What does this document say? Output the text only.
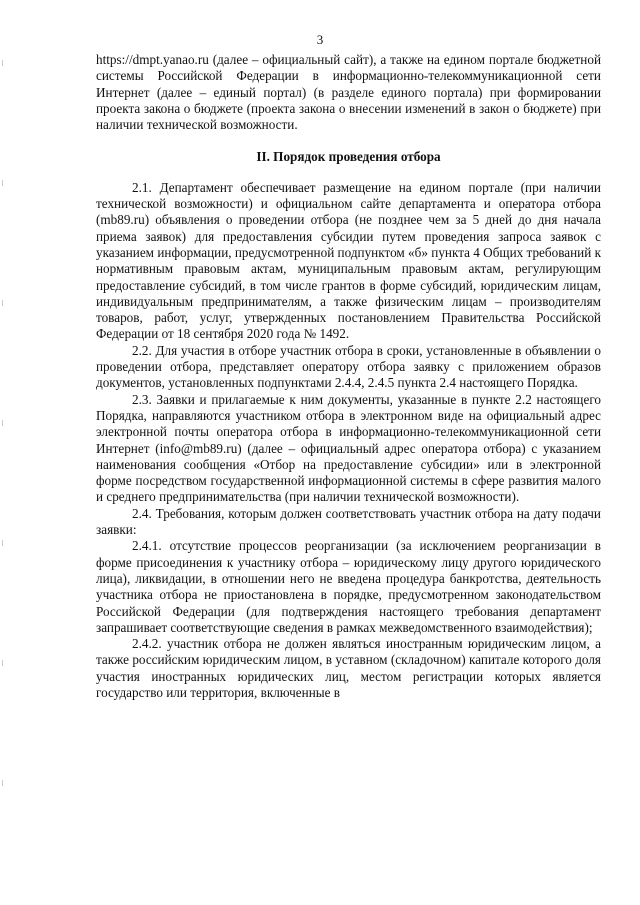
3

https://dmpt.yanao.ru (далее – официальный сайт), а также на едином портале бюджетной системы Российской Федерации в информационно-телекоммуникационной сети Интернет (далее – единый портал) (в разделе единого портала) при формировании проекта закона о бюджете (проекта закона о внесении изменений в закон о бюджете) при наличии технической возможности.

II. Порядок проведения отбора

2.1. Департамент обеспечивает размещение на едином портале (при наличии технической возможности) и официальном сайте департамента и оператора отбора (mb89.ru) объявления о проведении отбора (не позднее чем за 5 дней до дня начала приема заявок) для предоставления субсидии путем проведения запроса заявок с указанием информации, предусмотренной подпунктом «б» пункта 4 Общих требований к нормативным правовым актам, муниципальным правовым актам, регулирующим предоставление субсидий, в том числе грантов в форме субсидий, юридическим лицам, индивидуальным предпринимателям, а также физическим лицам – производителям товаров, работ, услуг, утвержденных постановлением Правительства Российской Федерации от 18 сентября 2020 года № 1492.

2.2. Для участия в отборе участник отбора в сроки, установленные в объявлении о проведении отбора, представляет оператору отбора заявку с приложением образов документов, установленных подпунктами 2.4.4, 2.4.5 пункта 2.4 настоящего Порядка.

2.3. Заявки и прилагаемые к ним документы, указанные в пункте 2.2 настоящего Порядка, направляются участником отбора в электронном виде на официальный адрес электронной почты оператора отбора в информационно-телекоммуникационной сети Интернет (info@mb89.ru) (далее – официальный адрес оператора отбора) с указанием наименования сообщения «Отбор на предоставление субсидии» или в электронной форме посредством государственной информационной системы в сфере развития малого и среднего предпринимательства (при наличии технической возможности).

2.4. Требования, которым должен соответствовать участник отбора на дату подачи заявки:

2.4.1. отсутствие процессов реорганизации (за исключением реорганизации в форме присоединения к участнику отбора – юридическому лицу другого юридического лица), ликвидации, в отношении него не введена процедура банкротства, деятельность участника отбора не приостановлена в порядке, предусмотренном законодательством Российской Федерации (для подтверждения настоящего требования департамент запрашивает соответствующие сведения в рамках межведомственного взаимодействия);

2.4.2. участник отбора не должен являться иностранным юридическим лицом, а также российским юридическим лицом, в уставном (складочном) капитале которого доля участия иностранных юридических лиц, местом регистрации которых является государство или территория, включенные в
